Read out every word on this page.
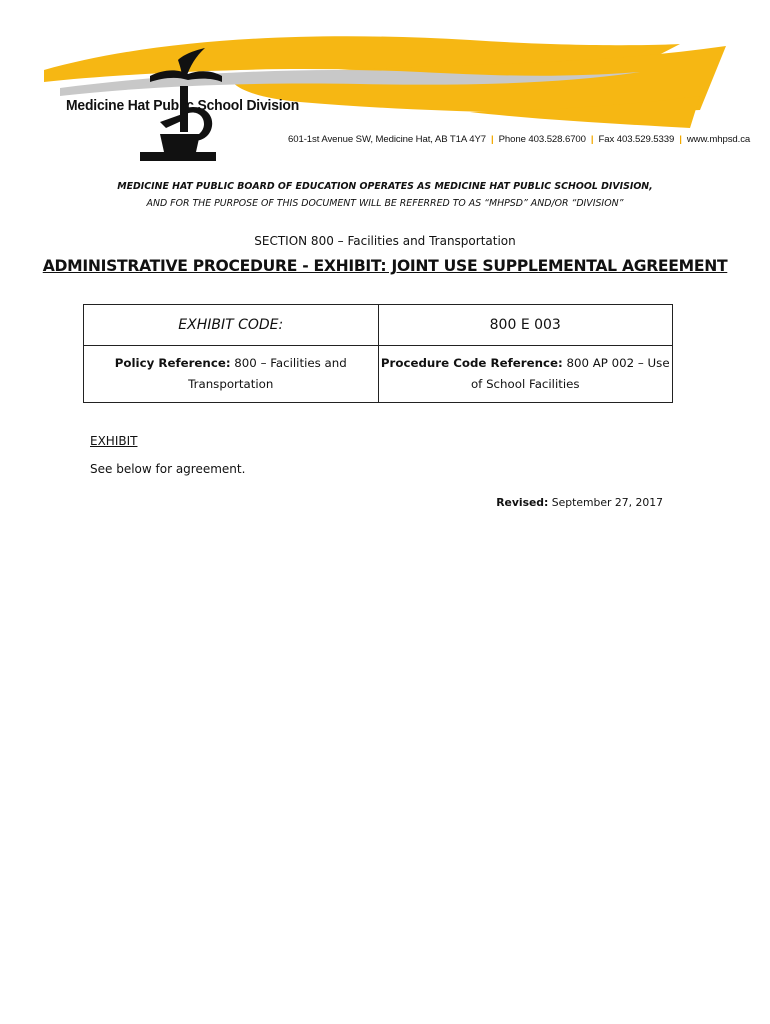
Medicine Hat Public School Division
601-1st Avenue SW, Medicine Hat, AB T1A 4Y7 | Phone 403.528.6700 | Fax 403.529.5339 | www.mhpsd.ca
MEDICINE HAT PUBLIC BOARD OF EDUCATION OPERATES AS MEDICINE HAT PUBLIC SCHOOL DIVISION,
AND FOR THE PURPOSE OF THIS DOCUMENT WILL BE REFERRED TO AS “MHPSD” AND/OR “DIVISION”
SECTION 800 – Facilities and Transportation
ADMINISTRATIVE PROCEDURE - EXHIBIT: JOINT USE SUPPLEMENTAL AGREEMENT
EXHIBIT CODE:	800 E 003
Policy Reference: 800 – Facilities and Transportation	Procedure Code Reference: 800 AP 002 – Use of School Facilities
EXHIBIT
See below for agreement.
Revised: September 27, 2017
